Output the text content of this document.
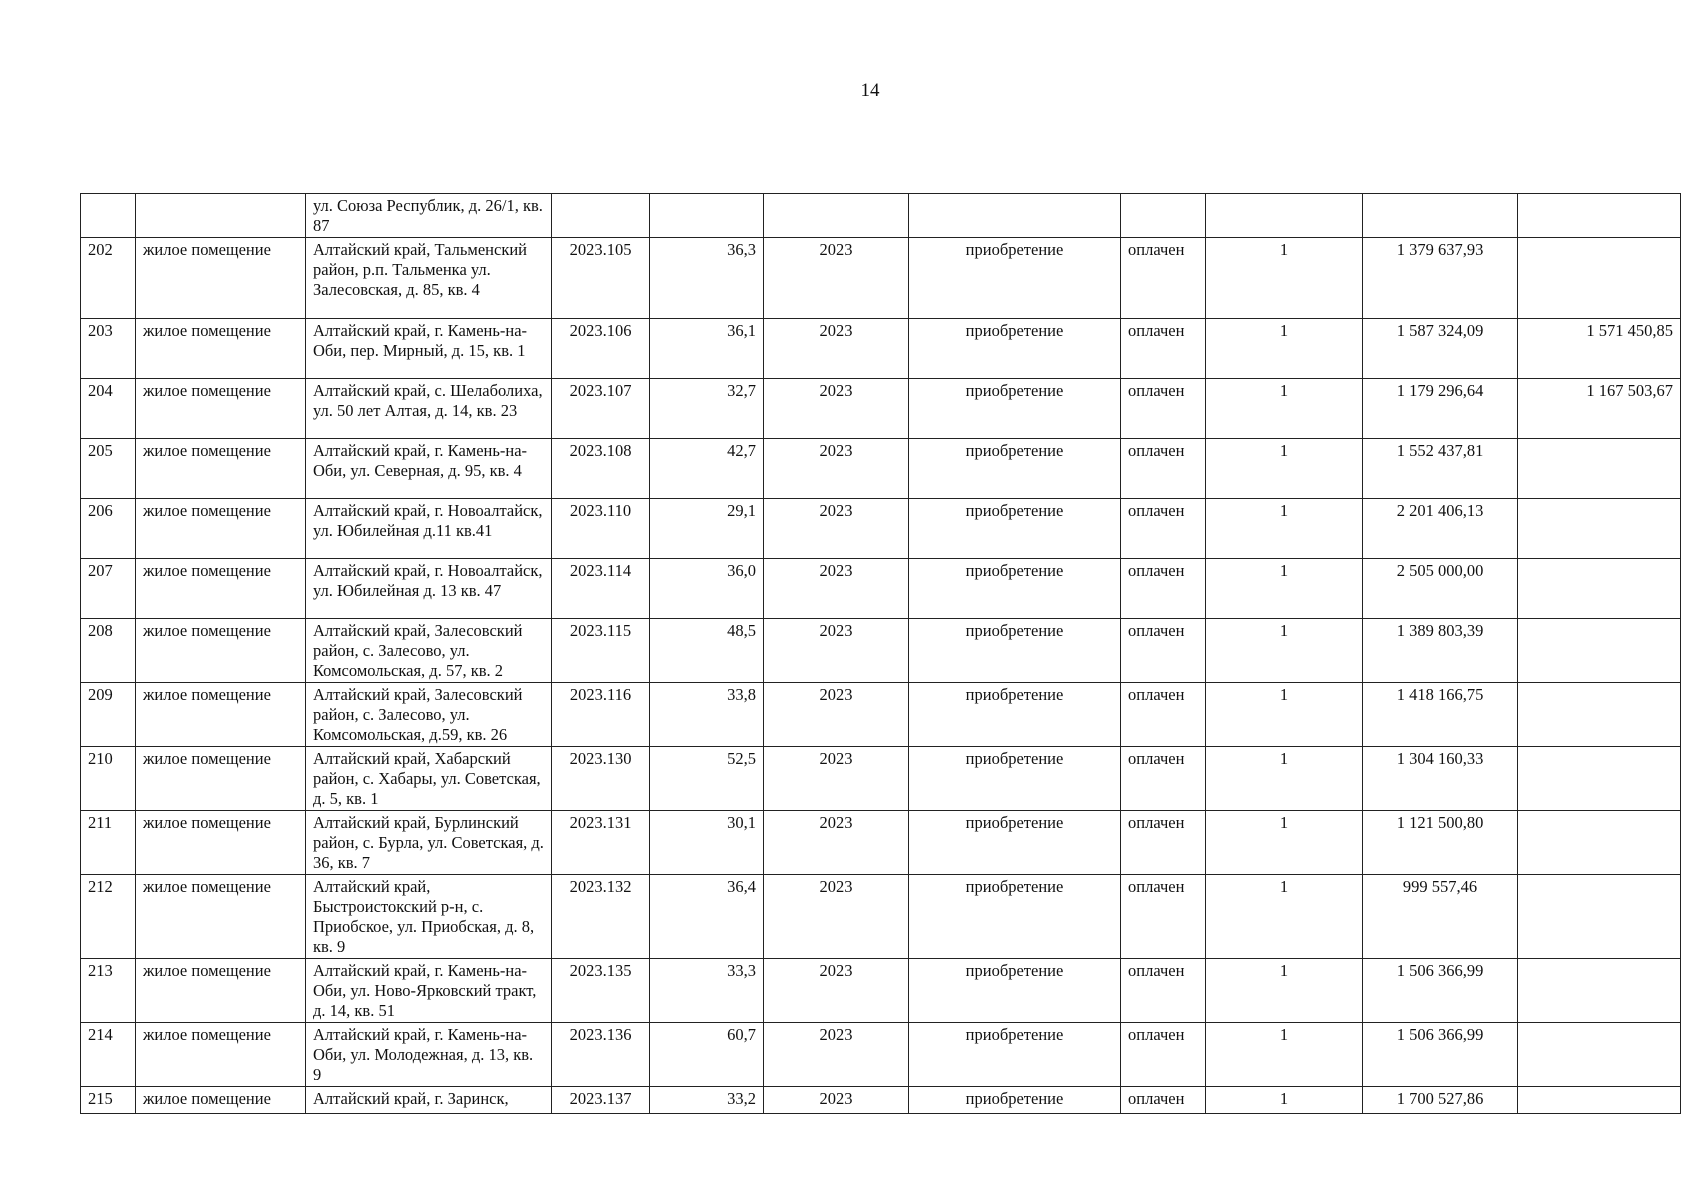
14
		ул. Союза Республик, д. 26/1, кв. 87								
202	жилое помещение	Алтайский край, Тальменский район, р.п. Тальменка ул. Залесовская, д. 85, кв. 4	2023.105	36,3	2023	приобретение	оплачен	1	1 379 637,93	
203	жилое помещение	Алтайский край, г. Камень-на-Оби, пер. Мирный, д. 15, кв. 1	2023.106	36,1	2023	приобретение	оплачен	1	1 587 324,09	1 571 450,85
204	жилое помещение	Алтайский край, с. Шелаболиха, ул. 50 лет Алтая, д. 14, кв. 23	2023.107	32,7	2023	приобретение	оплачен	1	1 179 296,64	1 167 503,67
205	жилое помещение	Алтайский край, г. Камень-на-Оби, ул. Северная, д. 95, кв. 4	2023.108	42,7	2023	приобретение	оплачен	1	1 552 437,81	
206	жилое помещение	Алтайский край, г. Новоалтайск, ул. Юбилейная д.11 кв.41	2023.110	29,1	2023	приобретение	оплачен	1	2 201 406,13	
207	жилое помещение	Алтайский край, г. Новоалтайск, ул. Юбилейная д. 13 кв. 47	2023.114	36,0	2023	приобретение	оплачен	1	2 505 000,00	
208	жилое помещение	Алтайский край, Залесовский район, с. Залесово, ул. Комсомольская, д. 57, кв. 2	2023.115	48,5	2023	приобретение	оплачен	1	1 389 803,39	
209	жилое помещение	Алтайский край, Залесовский район, с. Залесово, ул. Комсомольская, д.59, кв. 26	2023.116	33,8	2023	приобретение	оплачен	1	1 418 166,75	
210	жилое помещение	Алтайский край, Хабарский район, с. Хабары, ул. Советская, д. 5, кв. 1	2023.130	52,5	2023	приобретение	оплачен	1	1 304 160,33	
211	жилое помещение	Алтайский край, Бурлинский район, с. Бурла, ул. Советская, д. 36, кв. 7	2023.131	30,1	2023	приобретение	оплачен	1	1 121 500,80	
212	жилое помещение	Алтайский край, Быстроистокский р-н, с. Приобское, ул. Приобская, д. 8, кв. 9	2023.132	36,4	2023	приобретение	оплачен	1	999 557,46	
213	жилое помещение	Алтайский край, г. Камень-на-Оби, ул. Ново-Ярковский тракт, д. 14, кв. 51	2023.135	33,3	2023	приобретение	оплачен	1	1 506 366,99	
214	жилое помещение	Алтайский край, г. Камень-на-Оби, ул. Молодежная, д. 13, кв. 9	2023.136	60,7	2023	приобретение	оплачен	1	1 506 366,99	
215	жилое помещение	Алтайский край, г. Заринск,	2023.137	33,2	2023	приобретение	оплачен	1	1 700 527,86	
